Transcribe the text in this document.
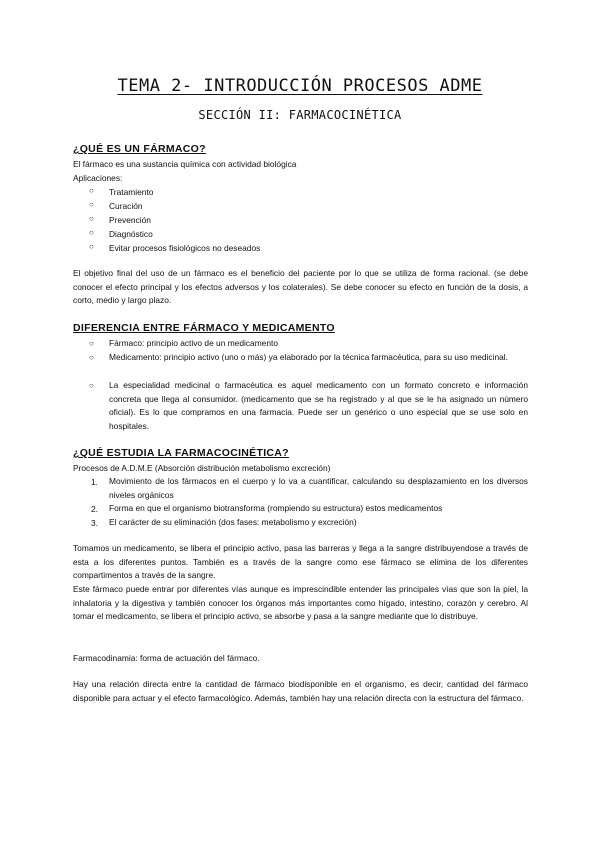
TEMA 2- INTRODUCCIÓN PROCESOS ADME
SECCIÓN II: FARMACOCINÉTICA
¿QUÉ ES UN FÁRMACO?
El fármaco es una sustancia química con actividad biológica
Aplicaciones:
○ Tratamiento
○ Curación
○ Prevención
○ Diagnóstico
○ Evitar procesos fisiológicos no deseados
El objetivo final del uso de un fármaco es el beneficio del paciente por lo que se utiliza de forma racional. (se debe conocer el efecto principal y los efectos adversos y los colaterales). Se debe conocer su efecto en función de la dosis, a corto, medio y largo plazo.
DIFERENCIA ENTRE FÁRMACO Y MEDICAMENTO
○ Fármaco: principio activo de un medicamento
○ Medicamento: principio activo (uno o más) ya elaborado por la técnica farmacéutica, para su uso medicinal.
○ La especialidad medicinal o farmacéutica es aquel medicamento con un formato concreto e información concreta que llega al consumidor. (medicamento que se ha registrado y al que se le ha asignado un número oficial). Es lo que compramos en una farmacia. Puede ser un genérico o uno especial que se use solo en hospitales.
¿QUÉ ESTUDIA LA FARMACOCINÉTICA?
Procesos de A.D.M.E (Absorción distribución metabolismo excreción)
1. Movimiento de los fármacos en el cuerpo y lo va a cuantificar, calculando su desplazamiento en los diversos niveles orgánicos
2. Forma en que el organismo biotransforma (rompiendo su estructura) estos medicamentos
3. El carácter de su eliminación (dos fases: metabolismo y excreción)
Tomamos un medicamento, se libera el principio activo, pasa las barreras y llega a la sangre distribuyendose a través de esta a los diferentes puntos. También es a través de la sangre como ese fármaco se elimina de los diferentes compartimentos a través de la sangre.
Este fármaco puede entrar por diferentes vías aunque es imprescindible entender las principales vías que son la piel, la inhalatoria y la digestiva y también conocer los órganos más importantes como hígado, intestino, corazón y cerebro. Al tomar el medicamento, se libera el principio activo, se absorbe y pasa a la sangre mediante que lo distribuye.
Farmacodinamia: forma de actuación del fármaco.
Hay una relación directa entre la cantidad de fármaco biodisponible en el organismo, es decir, cantidad del fármaco disponible para actuar y el efecto farmacológico. Además, también hay una relación directa con la estructura del fármaco.
